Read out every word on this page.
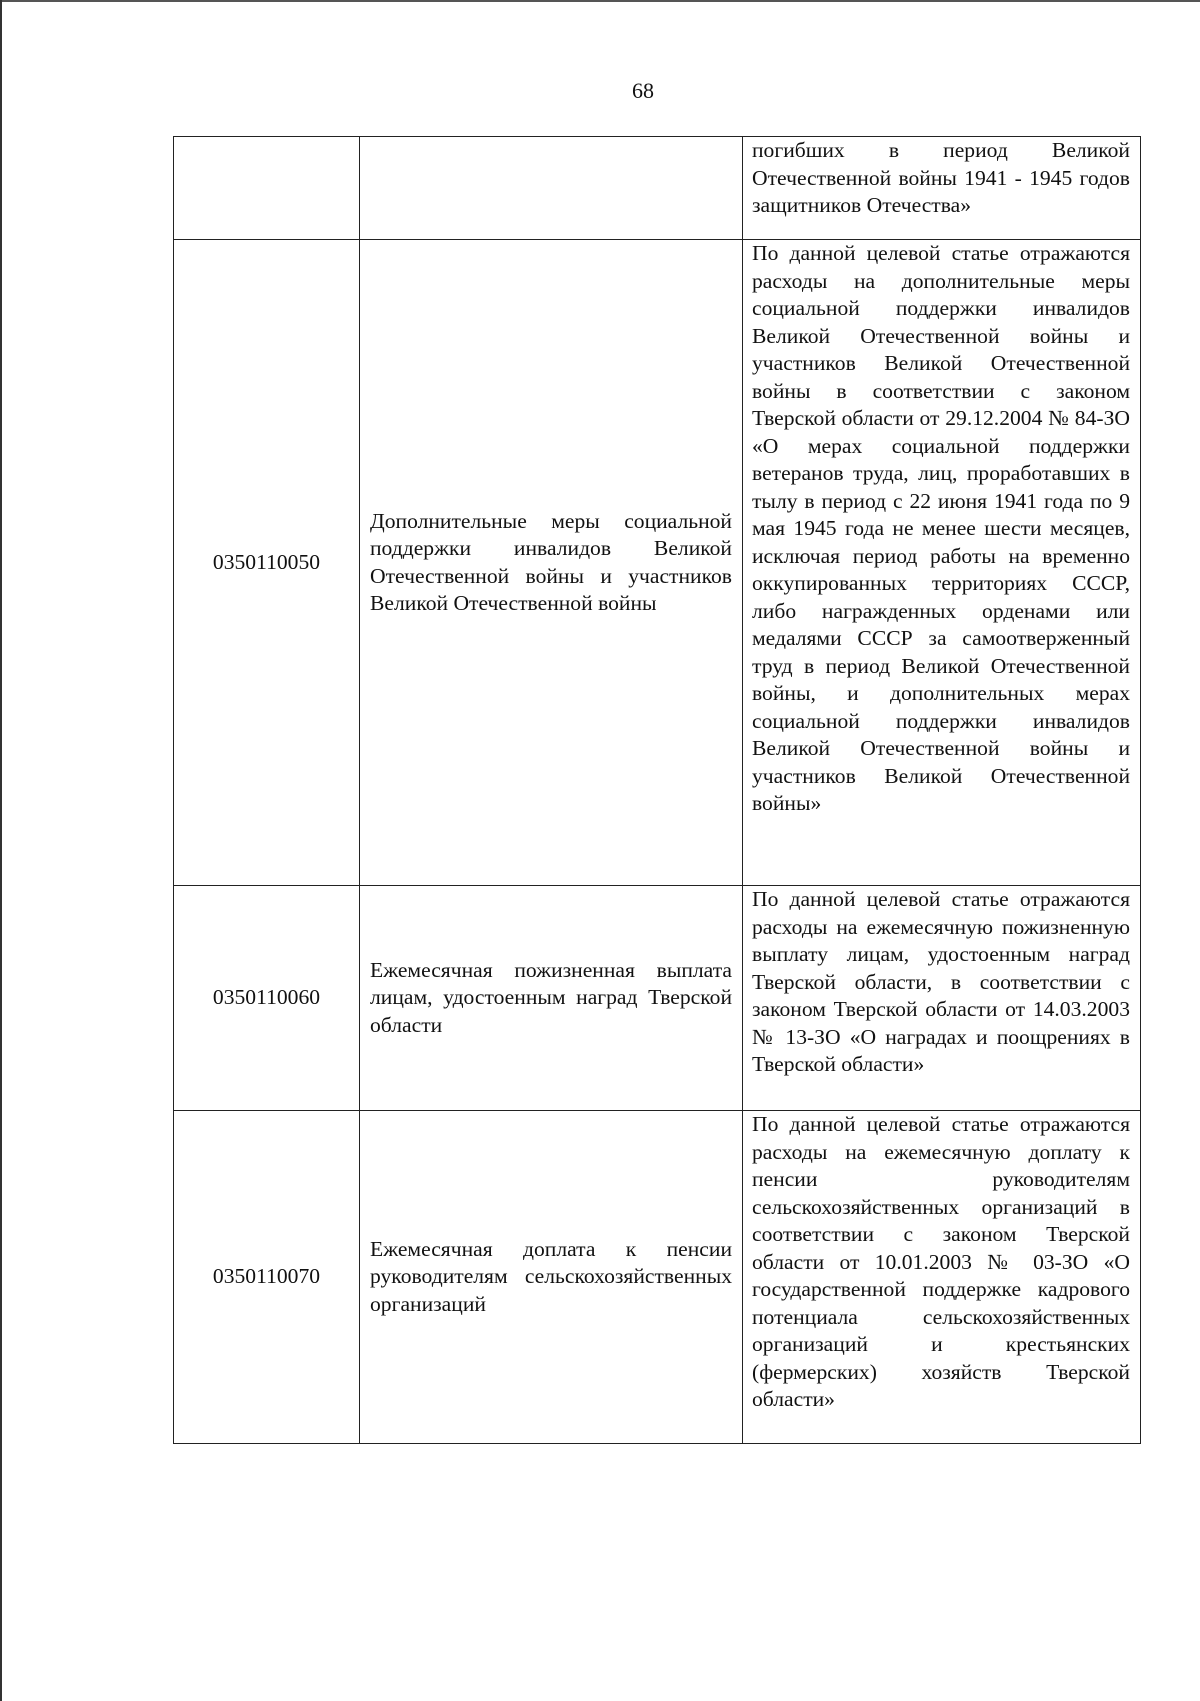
68
		погибших в период Великой Отечественной войны 1941 - 1945 годов защитников Отечества»
0350110050	Дополнительные меры социальной поддержки инвалидов Великой Отечественной войны и участников Великой Отечественной войны	По данной целевой статье отражаются расходы на дополнительные меры социальной поддержки инвалидов Великой Отечественной войны и участников Великой Отечественной войны в соответствии с законом Тверской области от 29.12.2004 № 84-ЗО «О мерах социальной поддержки ветеранов труда, лиц, проработавших в тылу в период с 22 июня 1941 года по 9 мая 1945 года не менее шести месяцев, исключая период работы на временно оккупированных территориях СССР, либо награжденных орденами или медалями СССР за самоотверженный труд в период Великой Отечественной войны, и дополнительных мерах социальной поддержки инвалидов Великой Отечественной войны и участников Великой Отечественной войны»
0350110060	Ежемесячная пожизненная выплата лицам, удостоенным наград Тверской области	По данной целевой статье отражаются расходы на ежемесячную пожизненную выплату лицам, удостоенным наград Тверской области, в соответствии с законом Тверской области от 14.03.2003 № 13-ЗО «О наградах и поощрениях в Тверской области»
0350110070	Ежемесячная доплата к пенсии руководителям сельскохозяйственных организаций	По данной целевой статье отражаются расходы на ежемесячную доплату к пенсии руководителям сельскохозяйственных организаций в соответствии с законом Тверской области от 10.01.2003 № 03-ЗО «О государственной поддержке кадрового потенциала сельскохозяйственных организаций и крестьянских (фермерских) хозяйств Тверской области»
